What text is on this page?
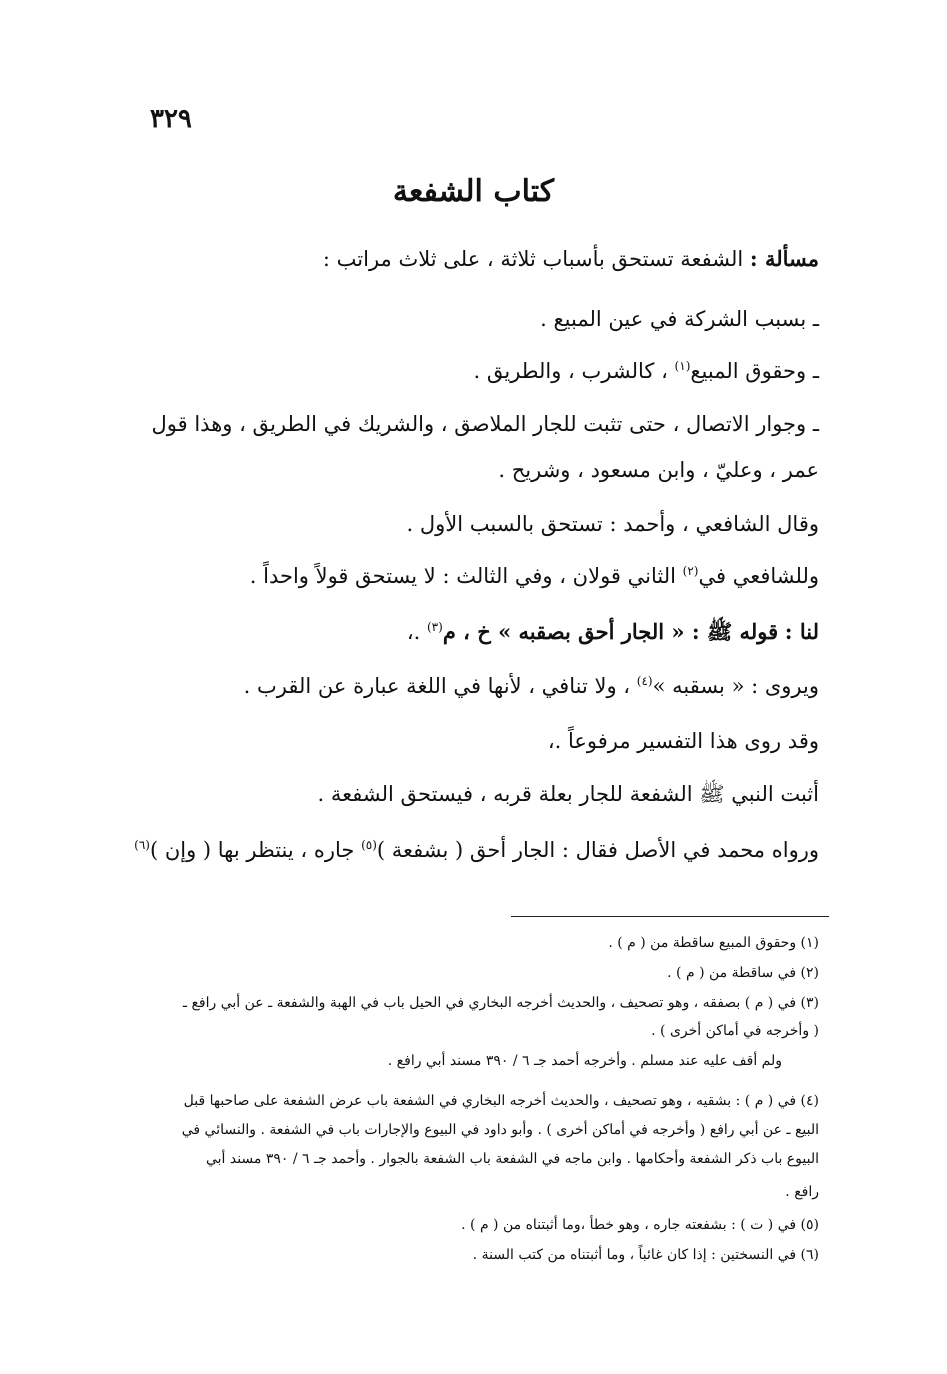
٣٢٩
كتاب الشفعة
مسألة : الشفعة تستحق بأسباب ثلاثة ، على ثلاث مراتب :
ـ بسبب الشركة في عين المبيع .
ـ وحقوق المبيع$^{(١)}$ ، كالشرب ، والطريق .
ـ وجوار الاتصال ، حتى تثبت للجار الملاصق ، والشريك في الطريق ، وهذا قول
عمر ، وعليّ ، وابن مسعود ، وشريح .
وقال الشافعي ، وأحمد : تستحق بالسبب الأول .
وللشافعي في$^{(٢)}$ الثاني قولان ، وفي الثالث : لا يستحق قولاً واحداً .
لنا : قوله ﷺ : « الجار أحق بصقبه » خ ، م$^{(٣)}$ .،
ويروى : « بسقبه »$^{(٤)}$ ، ولا تنافي ، لأنها في اللغة عبارة عن القرب .
وقد روى هذا التفسير مرفوعاً .،
أثبت النبي ﷺ الشفعة للجار بعلة قربه ، فيستحق الشفعة .
ورواه محمد في الأصل فقال : الجار أحق ( بشفعة )$^{(٥)}$ جاره ، ينتظر بها ( وإن )$^{(٦)}$
(١) وحقوق المبيع ساقطة من ( م ) .
(٢) في ساقطة من ( م ) .
(٣) في ( م ) بصفقه ، وهو تصحيف ، والحديث أخرجه البخاري في الحيل باب في الهبة والشفعة ـ عن أبي رافع ـ
( وأخرجه في أماكن أخرى ) .
ولم أقف عليه عند مسلم . وأخرجه أحمد جـ ٦ / ٣٩٠ مسند أبي رافع .
(٤) في ( م ) : بشقيه ، وهو تصحيف ، والحديث أخرجه البخاري في الشفعة باب عرض الشفعة على صاحبها قبل
البيع ـ عن أبي رافع ( وأخرجه في أماكن أخرى ) . وأبو داود في البيوع والإجارات باب في الشفعة . والنسائي في
البيوع باب ذكر الشفعة وأحكامها . وابن ماجه في الشفعة باب الشفعة بالجوار . وأحمد جـ ٦ / ٣٩٠ مسند أبي
رافع .
(٥) في ( ت ) : بشفعته جاره ، وهو خطأ ،وما أثبتناه من ( م ) .
(٦) في النسختين : إذا كان غائباً ، وما أثبتناه من كتب السنة .
